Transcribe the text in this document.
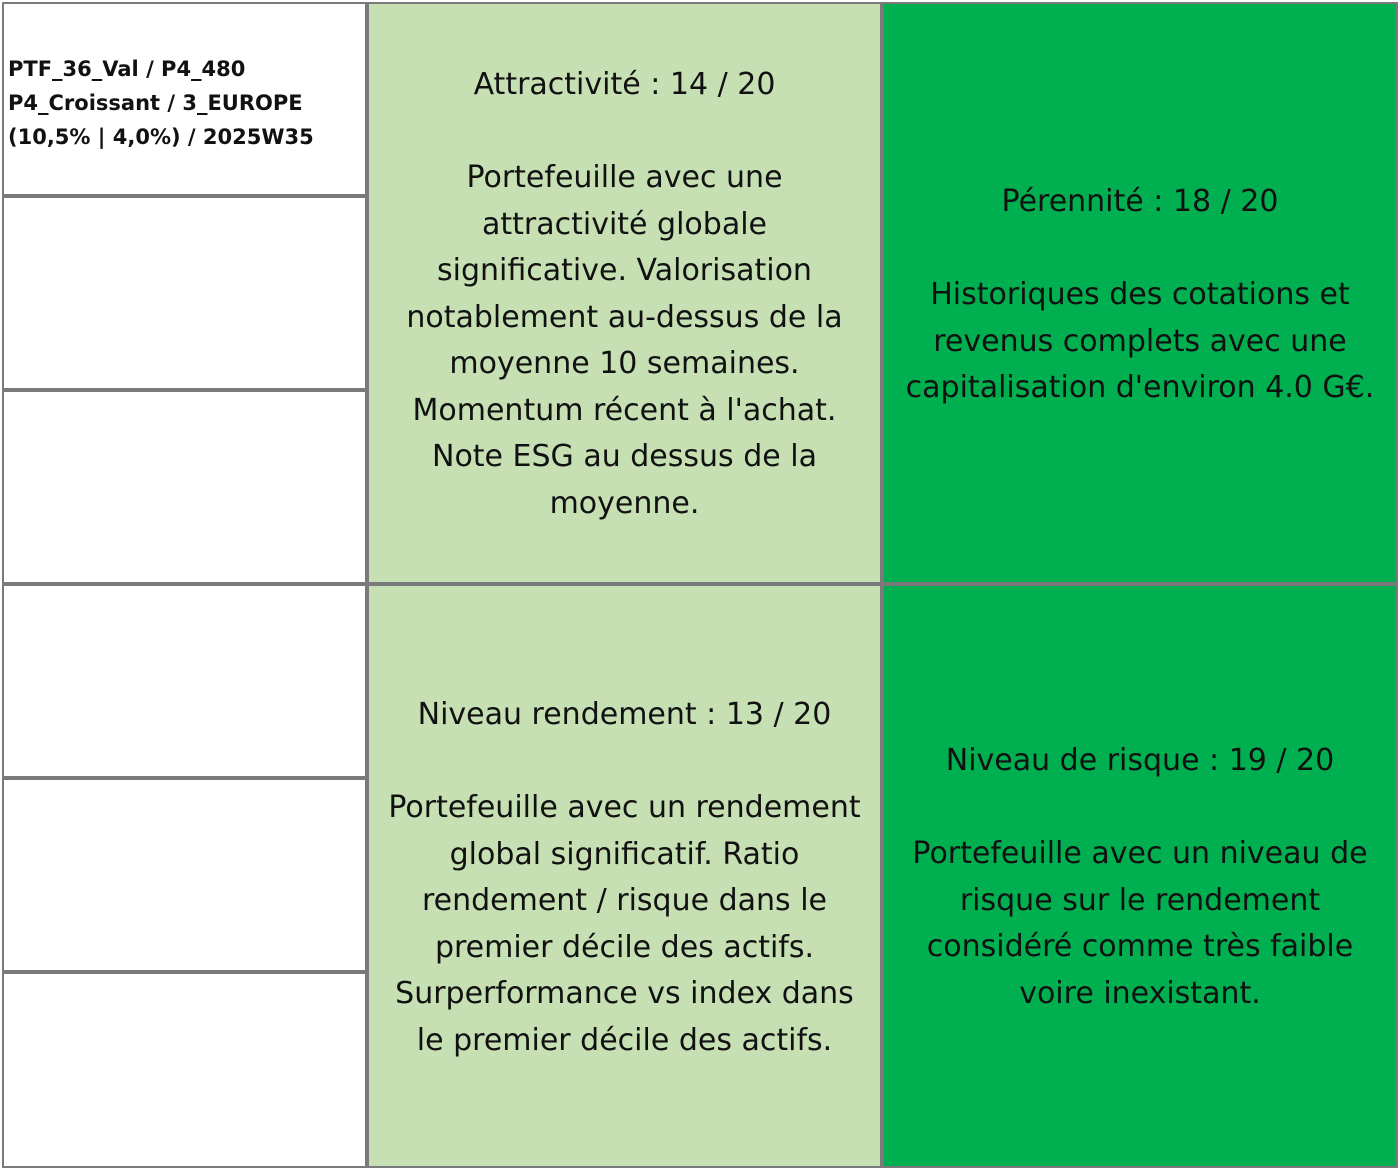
PTF_36_Val / P4_480
P4_Croissant / 3_EUROPE
(10,5% | 4,0%) / 2025W35
Attractivité : 14 / 20
Portefeuille avec une
attractivité globale
significative. Valorisation
notablement au-dessus de la
moyenne 10 semaines.
Momentum récent à l'achat.
Note ESG au dessus de la
moyenne.
Pérennité : 18 / 20
Historiques des cotations et
revenus complets avec une
capitalisation d'environ 4.0 G€.
Niveau rendement : 13 / 20
Portefeuille avec un rendement
global significatif. Ratio
rendement / risque dans le
premier décile des actifs.
Surperformance vs index dans
le premier décile des actifs.
Niveau de risque : 19 / 20
Portefeuille avec un niveau de
risque sur le rendement
considéré comme très faible
voire inexistant.
